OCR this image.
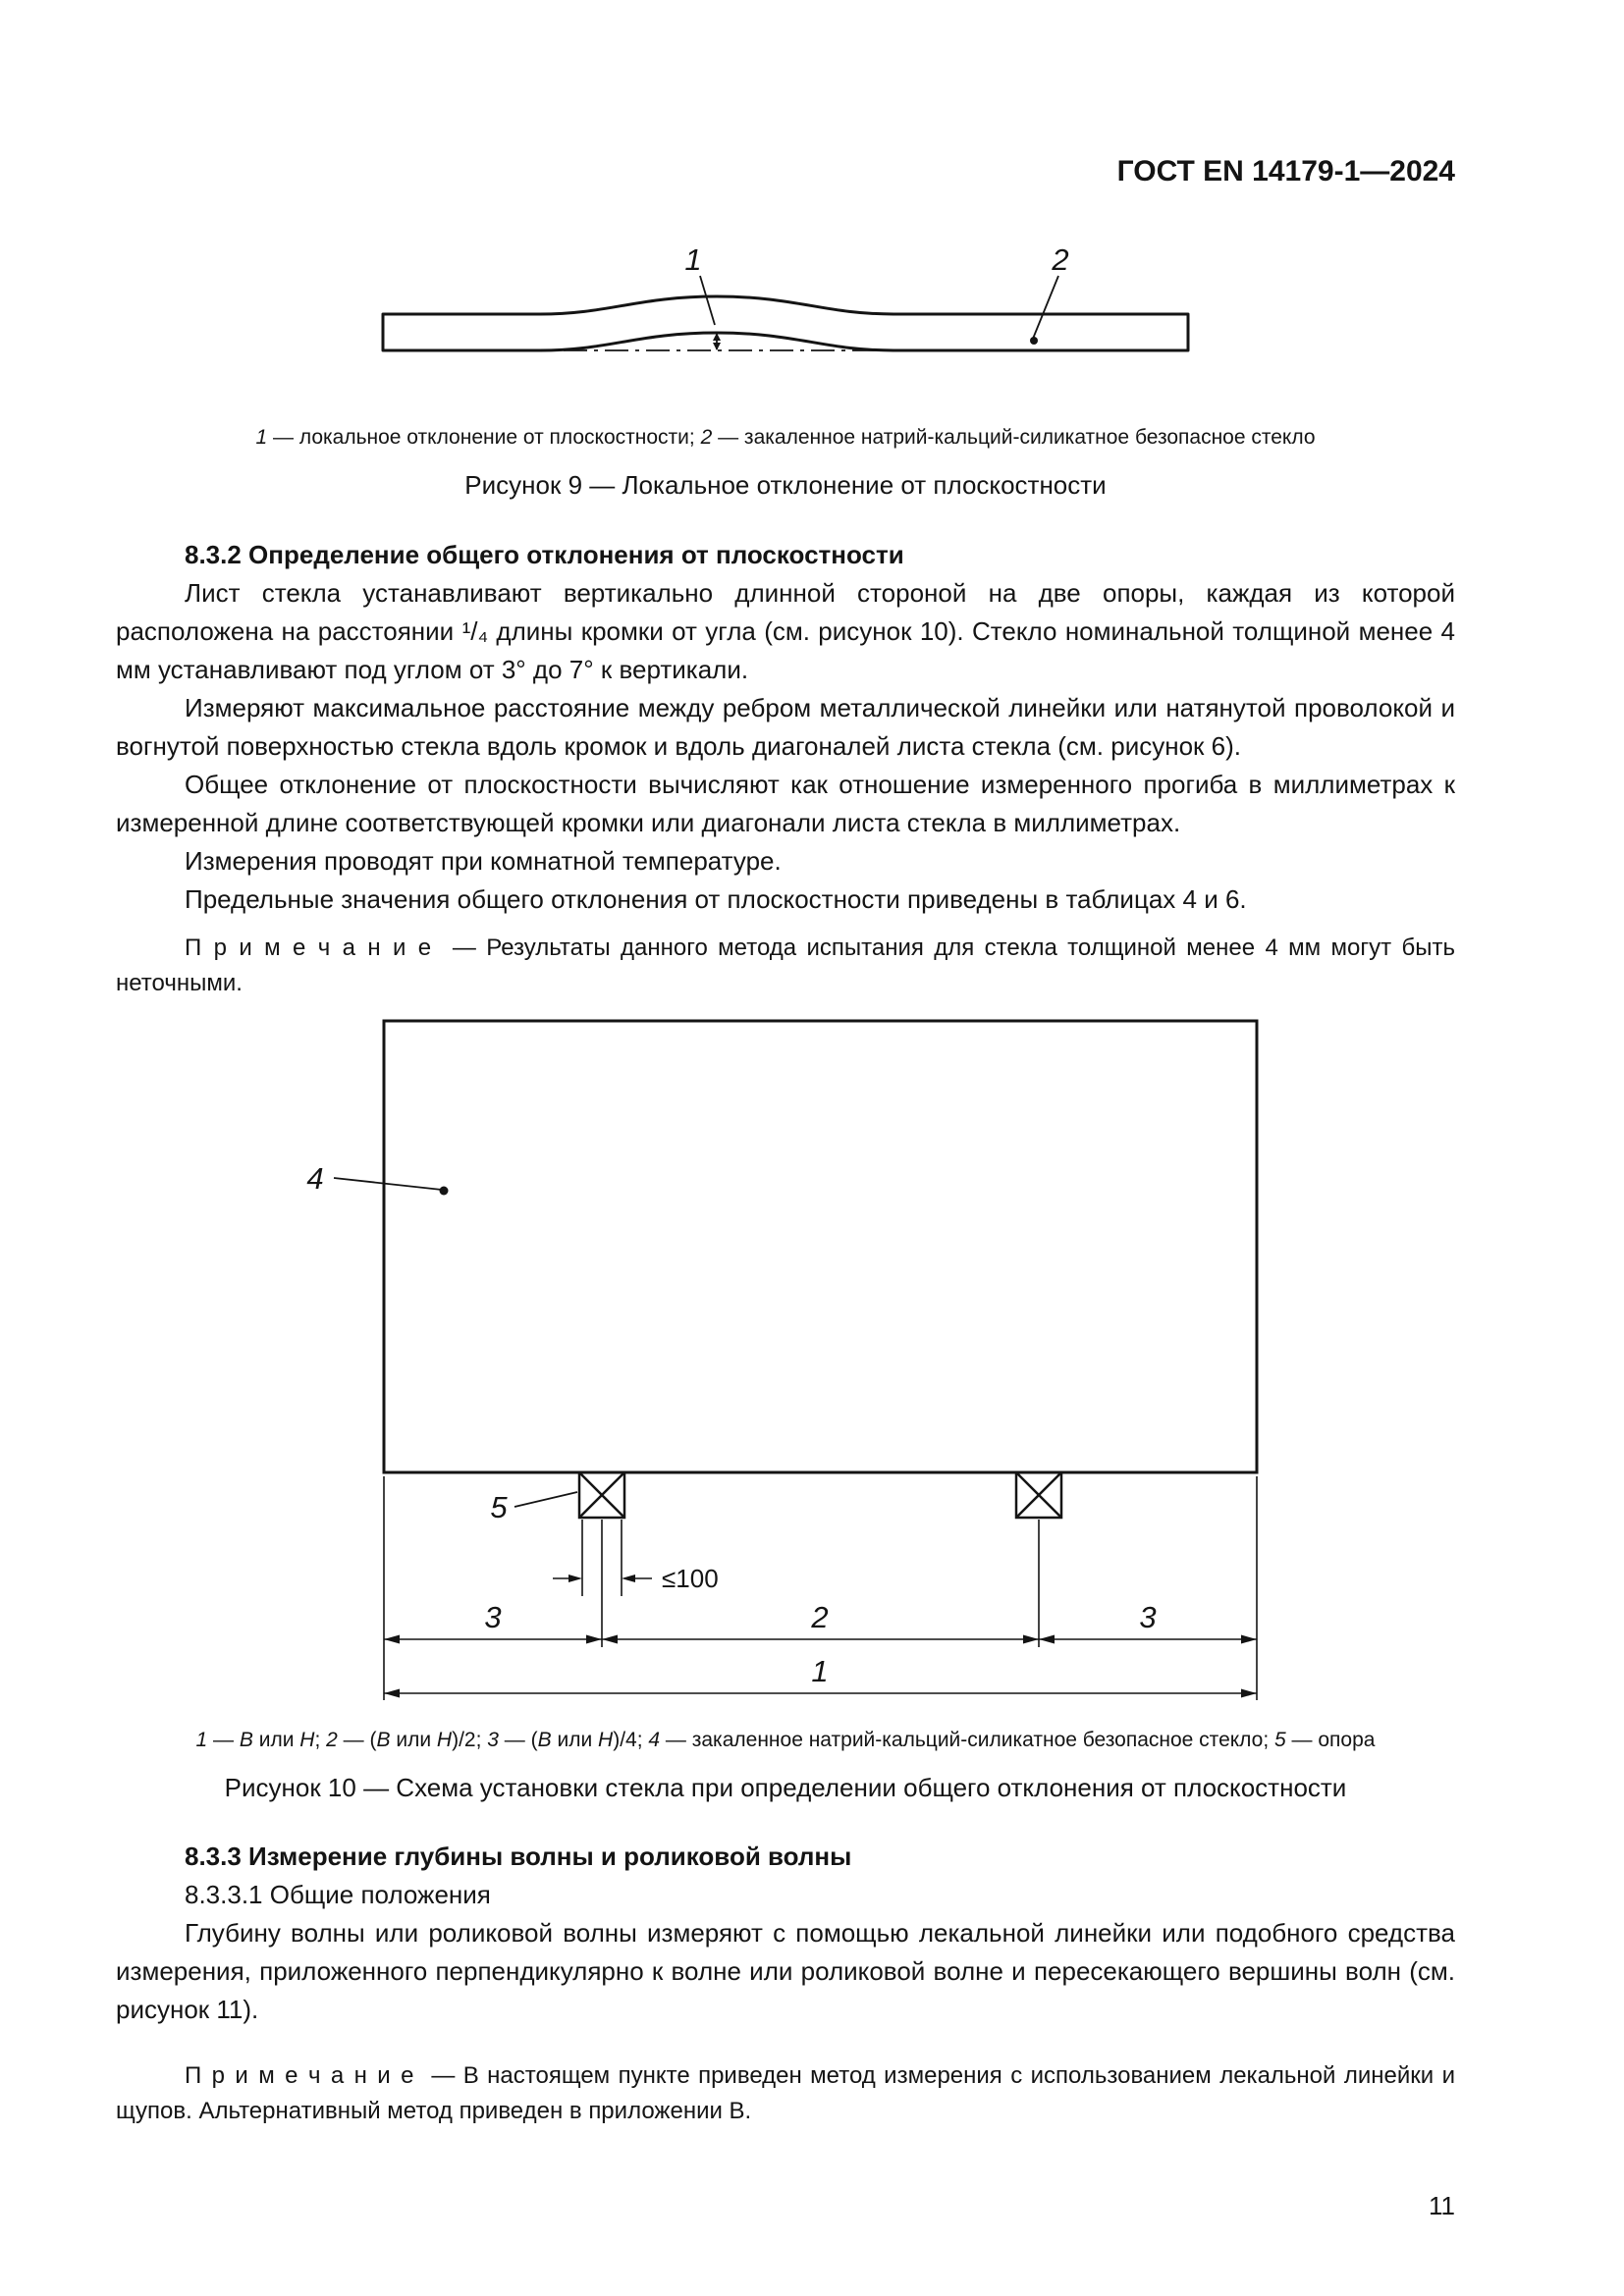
ГОСТ EN 14179-1—2024
1	2
1 — локальное отклонение от плоскостности; 2 — закаленное натрий-кальций-силикатное безопасное стекло
Рисунок 9 — Локальное отклонение от плоскостности
8.3.2 Определение общего отклонения от плоскостности

Лист стекла устанавливают вертикально длинной стороной на две опоры, каждая из которой расположена на расстоянии ¹/₄ длины кромки от угла (см. рисунок 10). Стекло номинальной толщиной менее 4 мм устанавливают под углом от 3° до 7° к вертикали.

Измеряют максимальное расстояние между ребром металлической линейки или натянутой проволокой и вогнутой поверхностью стекла вдоль кромок и вдоль диагоналей листа стекла (см. рисунок 6).

Общее отклонение от плоскостности вычисляют как отношение измеренного прогиба в миллиметрах к измеренной длине соответствующей кромки или диагонали листа стекла в миллиметрах.

Измерения проводят при комнатной температуре.

Предельные значения общего отклонения от плоскостности приведены в таблицах 4 и 6.

П р и м е ч а н и е — Результаты данного метода испытания для стекла толщиной менее 4 мм могут быть неточными.

4
5
≤100
3	2	3
1
1 — В или Н; 2 — (В или Н)/2; 3 — (В или Н)/4; 4 — закаленное натрий-кальций-силикатное безопасное стекло; 5 — опора
Рисунок 10 — Схема установки стекла при определении общего отклонения от плоскостности
8.3.3 Измерение глубины волны и роликовой волны
8.3.3.1 Общие положения

Глубину волны или роликовой волны измеряют с помощью лекальной линейки или подобного средства измерения, приложенного перпендикулярно к волне или роликовой волне и пересекающего вершины волн (см. рисунок 11).

П р и м е ч а н и е — В настоящем пункте приведен метод измерения с использованием лекальной линейки и щупов. Альтернативный метод приведен в приложении В.

11
